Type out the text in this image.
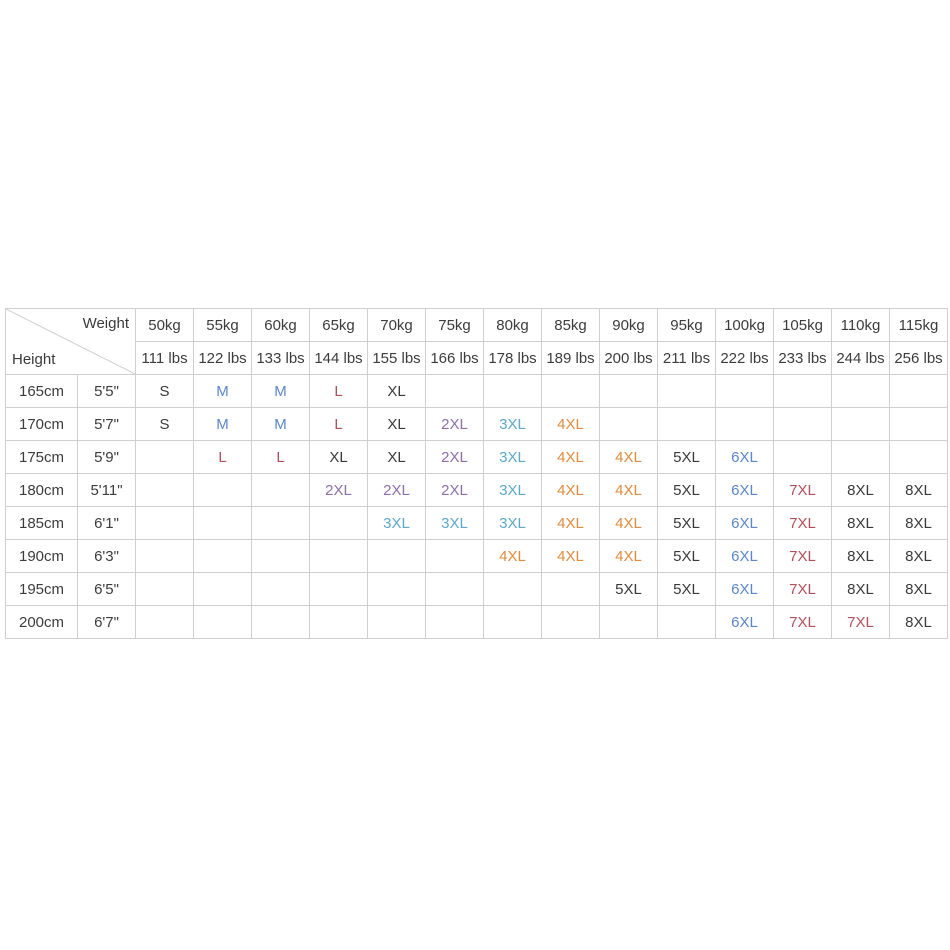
Weight
Height		50kg	55kg	60kg	65kg	70kg	75kg	80kg	85kg	90kg	95kg	100kg	105kg	110kg	115kg
		111 lbs	122 lbs	133 lbs	144 lbs	155 lbs	166 lbs	178 lbs	189 lbs	200 lbs	211 lbs	222 lbs	233 lbs	244 lbs	256 lbs
165cm	5'5"	S	M	M	L	XL									
170cm	5'7"	S	M	M	L	XL	2XL	3XL	4XL						
175cm	5'9"		L	L	XL	XL	2XL	3XL	4XL	4XL	5XL	6XL			
180cm	5'11"				2XL	2XL	2XL	3XL	4XL	4XL	5XL	6XL	7XL	8XL	8XL
185cm	6'1"					3XL	3XL	3XL	4XL	4XL	5XL	6XL	7XL	8XL	8XL
190cm	6'3"							4XL	4XL	4XL	5XL	6XL	7XL	8XL	8XL
195cm	6'5"									5XL	5XL	6XL	7XL	8XL	8XL
200cm	6'7"											6XL	7XL	7XL	8XL
